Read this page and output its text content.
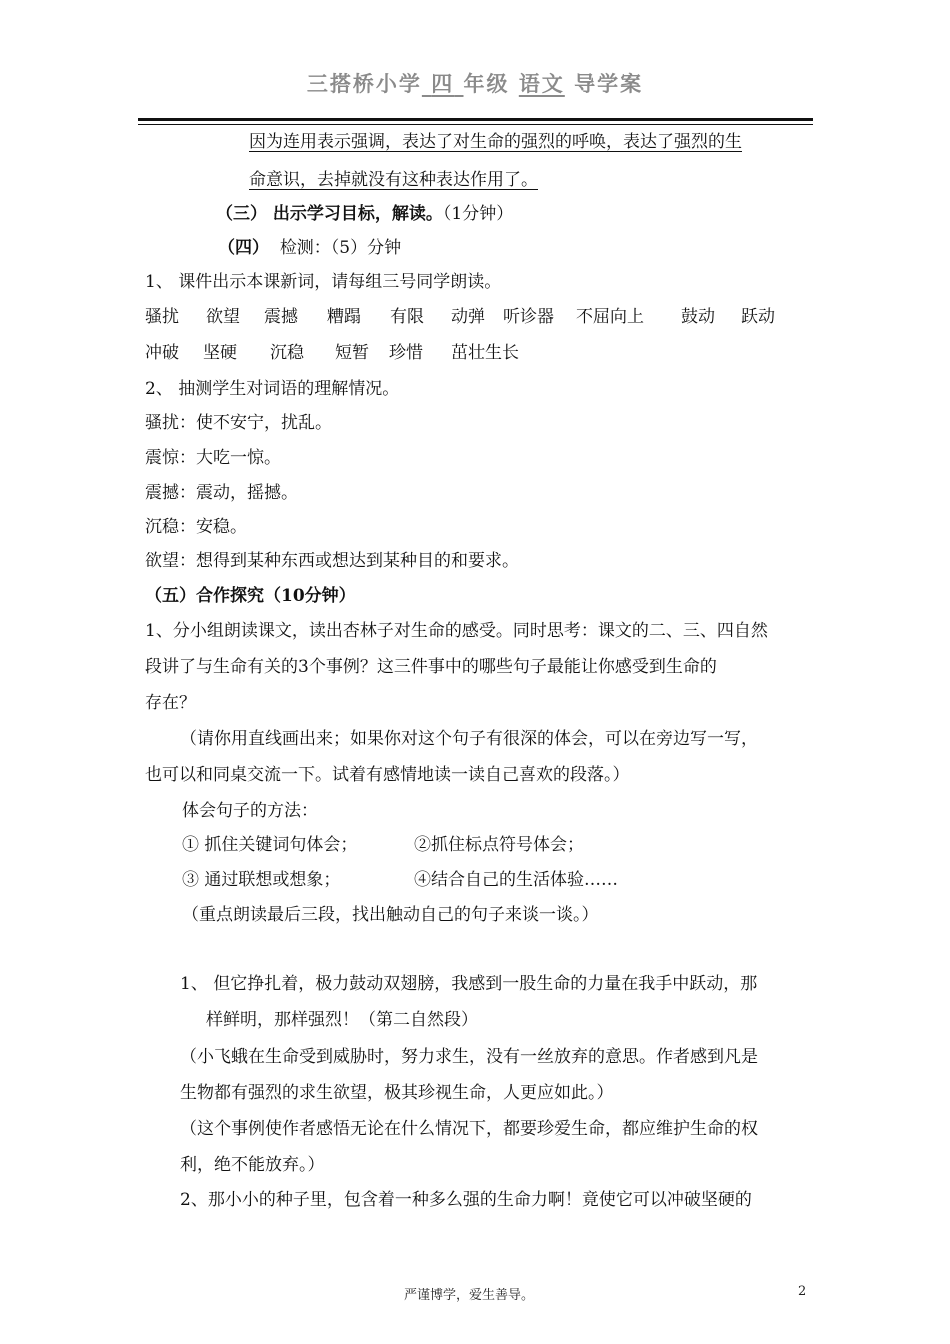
三搭桥小学 四 年级 语文 导学案
因为连用表示强调，表达了对生命的强烈的呼唤，表达了强烈的生
命意识，去掉就没有这种表达作用了。
（三） 出示学习目标，解读。（1分钟）
（四） 检测：（5）分钟
1、 课件出示本课新词，请每组三号同学朗读。
骚扰 欲望 震撼 糟蹋 有限 动弹 听诊器 不屈向上 鼓动 跃动
冲破 坚硬 沉稳 短暂 珍惜 茁壮生长
2、 抽测学生对词语的理解情况。
骚扰：使不安宁，扰乱。
震惊：大吃一惊。
震撼：震动，摇撼。
沉稳：安稳。
欲望：想得到某种东西或想达到某种目的和要求。
（五）合作探究（10分钟）
1、分小组朗读课文，读出杏林子对生命的感受。同时思考：课文的二、三、四自然
段讲了与生命有关的3个事例？这三件事中的哪些句子最能让你感受到生命的
存在？
（请你用直线画出来；如果你对这个句子有很深的体会，可以在旁边写一写，
也可以和同桌交流一下。试着有感情地读一读自己喜欢的段落。）
体会句子的方法：
① 抓住关键词句体会；	②抓住标点符号体会；
③ 通过联想或想象；	④结合自己的生活体验……
（重点朗读最后三段，找出触动自己的句子来谈一谈。）
1、 但它挣扎着，极力鼓动双翅膀，我感到一股生命的力量在我手中跃动，那
样鲜明，那样强烈！（第二自然段）
（小飞蛾在生命受到威胁时，努力求生，没有一丝放弃的意思。作者感到凡是
生物都有强烈的求生欲望，极其珍视生命，人更应如此。）
（这个事例使作者感悟无论在什么情况下，都要珍爱生命，都应维护生命的权
利，绝不能放弃。）
2、那小小的种子里，包含着一种多么强的生命力啊！竟使它可以冲破坚硬的
严谨博学，爱生善导。	2
